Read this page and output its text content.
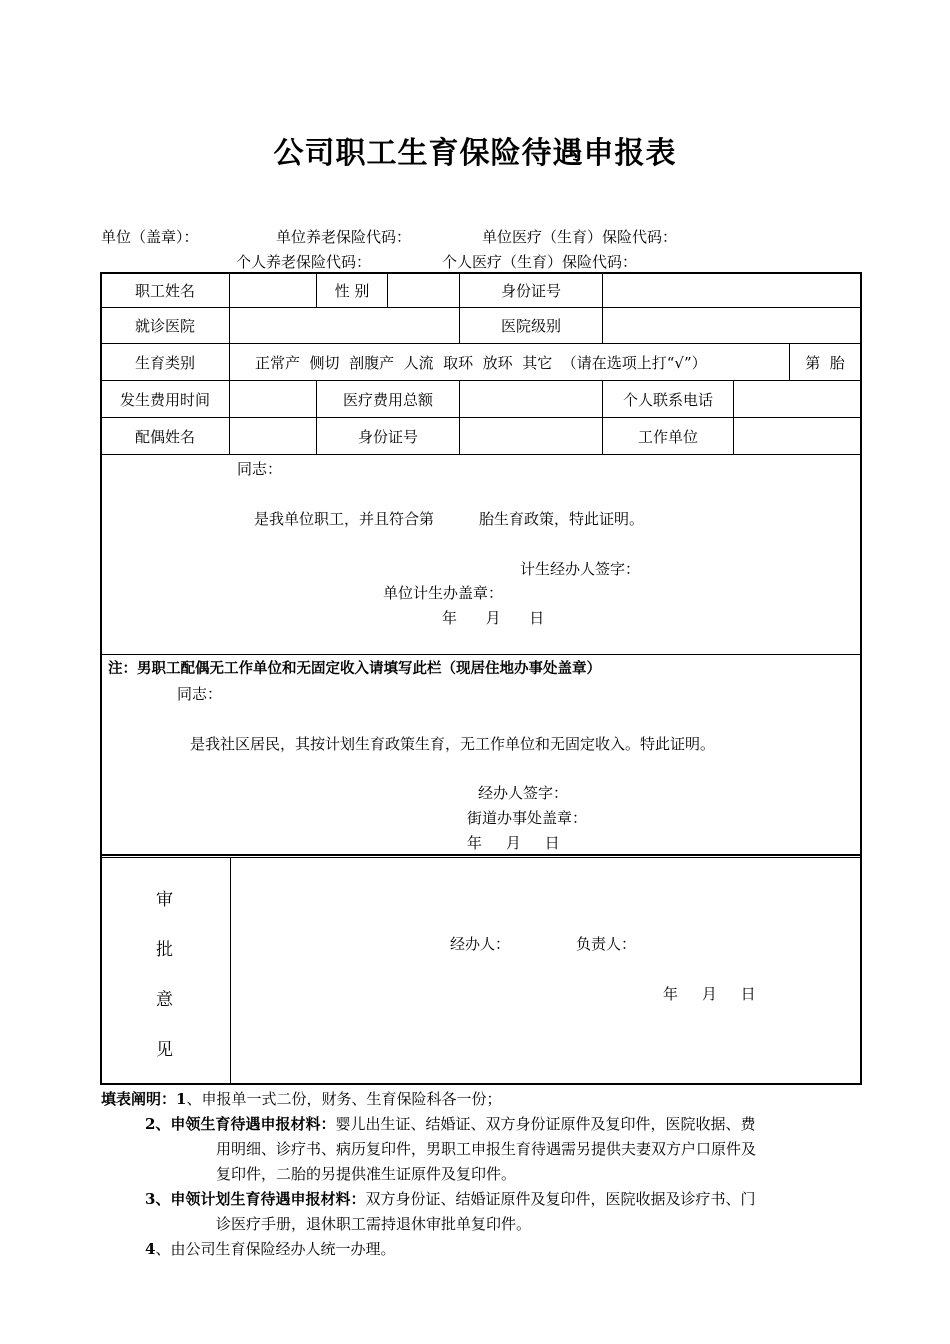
公司职工生育保险待遇申报表
单位（盖章）：	单位养老保险代码：	单位医疗（生育）保险代码：
个人养老保险代码：	个人医疗（生育）保险代码：
职工姓名	性 别	身份证号
就诊医院	医院级别
生育类别	正常产  侧切  剖腹产  人流  取环  放环  其它  （请在选项上打“√”）	第  胎
发生费用时间	医疗费用总额	个人联系电话
配偶姓名	身份证号	工作单位
同志：
是我单位职工，并且符合第	胎生育政策，特此证明。
计生经办人签字：
单位计生办盖章：
年      月      日
注：男职工配偶无工作单位和无固定收入请填写此栏（现居住地办事处盖章）
同志：
是我社区居民，其按计划生育政策生育，无工作单位和无固定收入。特此证明。
经办人签字：
街道办事处盖章：
年     月     日
审
批
意
见
经办人：	负责人：
年     月     日
填表阐明：1、申报单一式二份，财务、生育保险科各一份；
2、申领生育待遇申报材料：婴儿出生证、结婚证、双方身份证原件及复印件，医院收据、费
用明细、诊疗书、病历复印件，男职工申报生育待遇需另提供夫妻双方户口原件及
复印件，二胎的另提供准生证原件及复印件。
3、申领计划生育待遇申报材料：双方身份证、结婚证原件及复印件，医院收据及诊疗书、门
诊医疗手册，退休职工需持退休审批单复印件。
4、由公司生育保险经办人统一办理。
